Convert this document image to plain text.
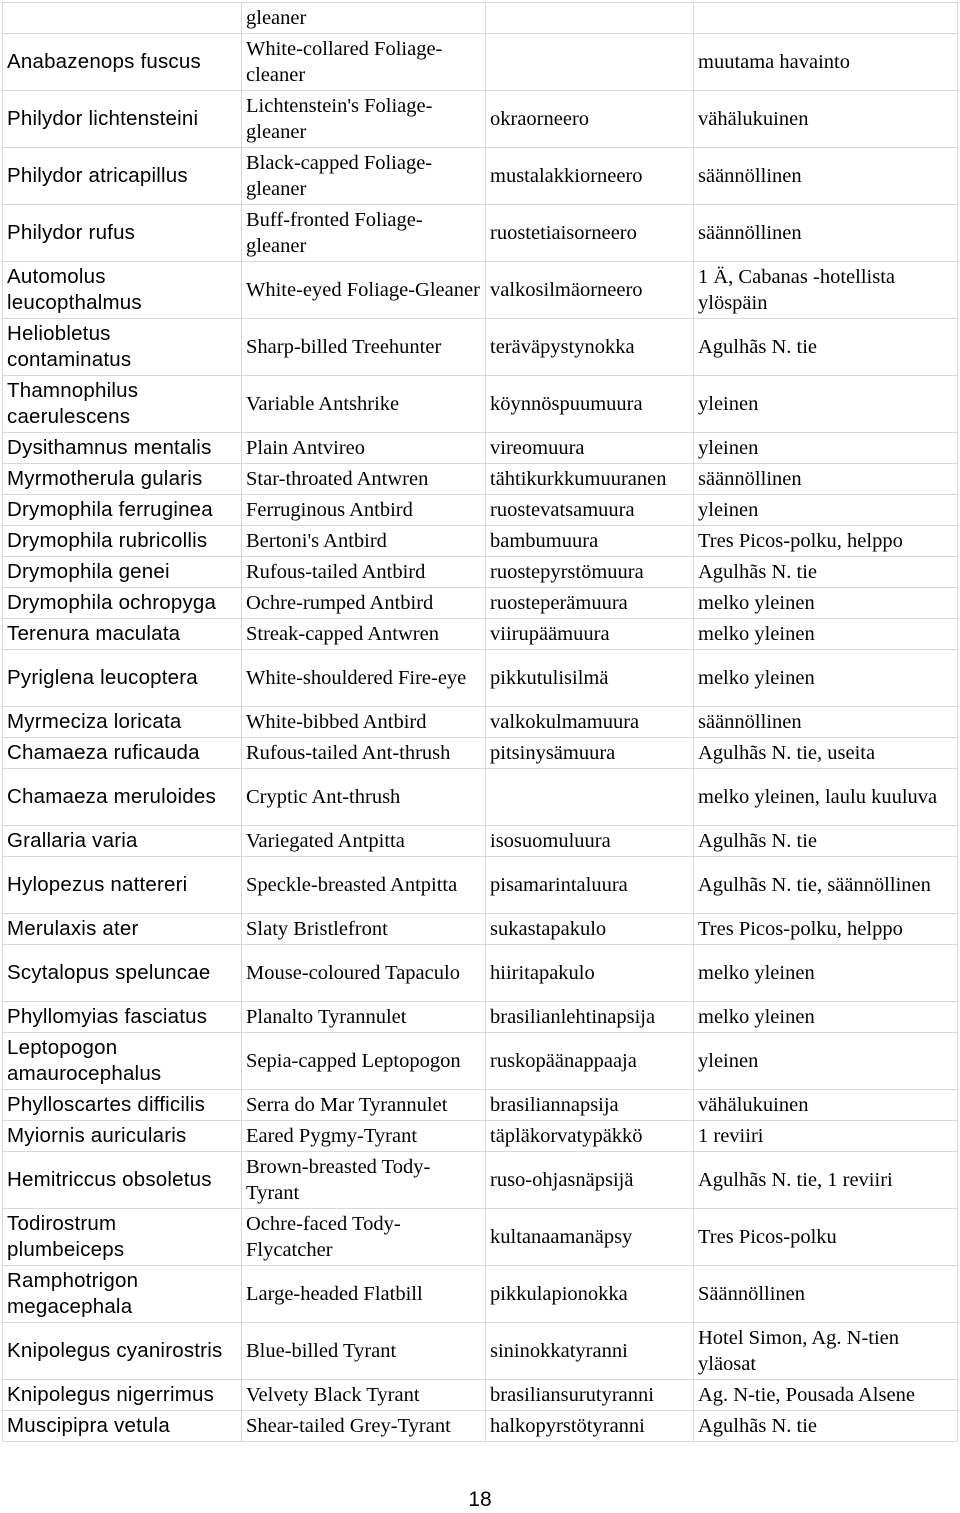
	gleaner		
Anabazenops fuscus	White-collared Foliage-cleaner		muutama havainto
Philydor lichtensteini	Lichtenstein's Foliage-gleaner	okraorneero	vähälukuinen
Philydor atricapillus	Black-capped Foliage-gleaner	mustalakkiorneero	säännöllinen
Philydor rufus	Buff-fronted Foliage-gleaner	ruostetiaisorneero	säännöllinen
Automolus leucopthalmus	White-eyed Foliage-Gleaner	valkosilmäorneero	1 Ä, Cabanas -hotellista ylöspäin
Heliobletus contaminatus	Sharp-billed Treehunter	teräväpystynokka	Agulhãs N. tie
Thamnophilus caerulescens	Variable Antshrike	köynnöspuumuura	yleinen
Dysithamnus mentalis	Plain Antvireo	vireomuura	yleinen
Myrmotherula gularis	Star-throated Antwren	tähtikurkkumuuranen	säännöllinen
Drymophila ferruginea	Ferruginous Antbird	ruostevatsamuura	yleinen
Drymophila rubricollis	Bertoni's Antbird	bambumuura	Tres Picos-polku, helppo
Drymophila genei	Rufous-tailed Antbird	ruostepyrstömuura	Agulhãs N. tie
Drymophila ochropyga	Ochre-rumped Antbird	ruosteperämuura	melko yleinen
Terenura maculata	Streak-capped Antwren	viirupäämuura	melko yleinen
Pyriglena leucoptera	White-shouldered Fire-eye	pikkutulisilmä	melko yleinen
Myrmeciza loricata	White-bibbed Antbird	valkokulmamuura	säännöllinen
Chamaeza ruficauda	Rufous-tailed Ant-thrush	pitsinysämuura	Agulhãs N. tie, useita
Chamaeza meruloides	Cryptic Ant-thrush		melko yleinen, laulu kuuluva
Grallaria varia	Variegated Antpitta	isosuomuluura	Agulhãs N. tie
Hylopezus nattereri	Speckle-breasted Antpitta	pisamarintaluura	Agulhãs N. tie, säännöllinen
Merulaxis ater	Slaty Bristlefront	sukastapakulo	Tres Picos-polku, helppo
Scytalopus speluncae	Mouse-coloured Tapaculo	hiiritapakulo	melko yleinen
Phyllomyias fasciatus	Planalto Tyrannulet	brasilianlehtinapsija	melko yleinen
Leptopogon amaurocephalus	Sepia-capped Leptopogon	ruskopäänappaaja	yleinen
Phylloscartes difficilis	Serra do Mar Tyrannulet	brasiliannapsija	vähälukuinen
Myiornis auricularis	Eared Pygmy-Tyrant	täpläkorvatypäkkö	1 reviiri
Hemitriccus obsoletus	Brown-breasted Tody-Tyrant	ruso-ohjasnäpsijä	Agulhãs N. tie, 1 reviiri
Todirostrum plumbeiceps	Ochre-faced Tody-Flycatcher	kultanaamanäpsy	Tres Picos-polku
Ramphotrigon megacephala	Large-headed Flatbill	pikkulapionokka	Säännöllinen
Knipolegus cyanirostris	Blue-billed Tyrant	sininokkatyranni	Hotel Simon, Ag. N-tien yläosat
Knipolegus nigerrimus	Velvety Black Tyrant	brasiliansurutyranni	Ag. N-tie, Pousada Alsene
Muscipipra vetula	Shear-tailed Grey-Tyrant	halkopyrstötyranni	Agulhãs N. tie
18
